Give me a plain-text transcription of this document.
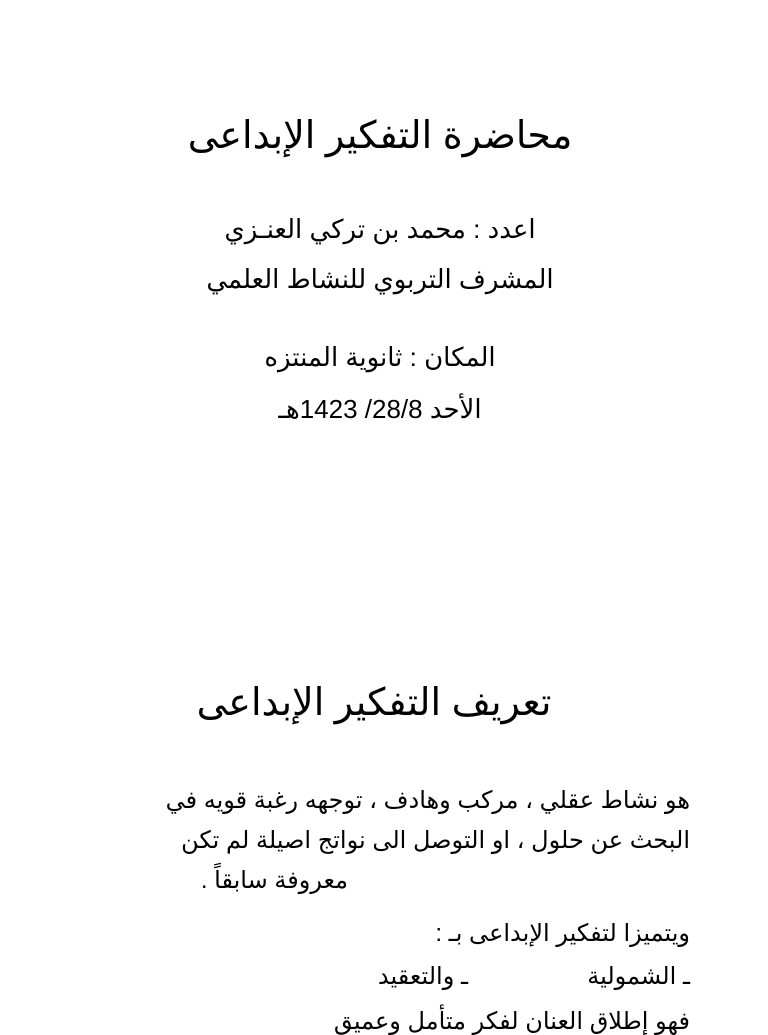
محاضرة التفكير الإبداعى
اعدد : محمد بن تركي العنـزي
المشرف التربوي للنشاط العلمي
المكان : ثانوية المنتزه
الأحد 28/8/ 1423هـ
تعريف التفكير الإبداعى
هو نشاط عقلي ، مركب وهادف ، توجهه رغبة قويه في
البحث عن حلول ، او التوصل الى نواتج اصيلة لم تكن
معروفة سابقاً .
ويتميزا لتفكير الإبداعى بـ :
ـ الشمولية
ـ والتعقيد
فهو إطلاق العنان لفكر متأمل وعميق
